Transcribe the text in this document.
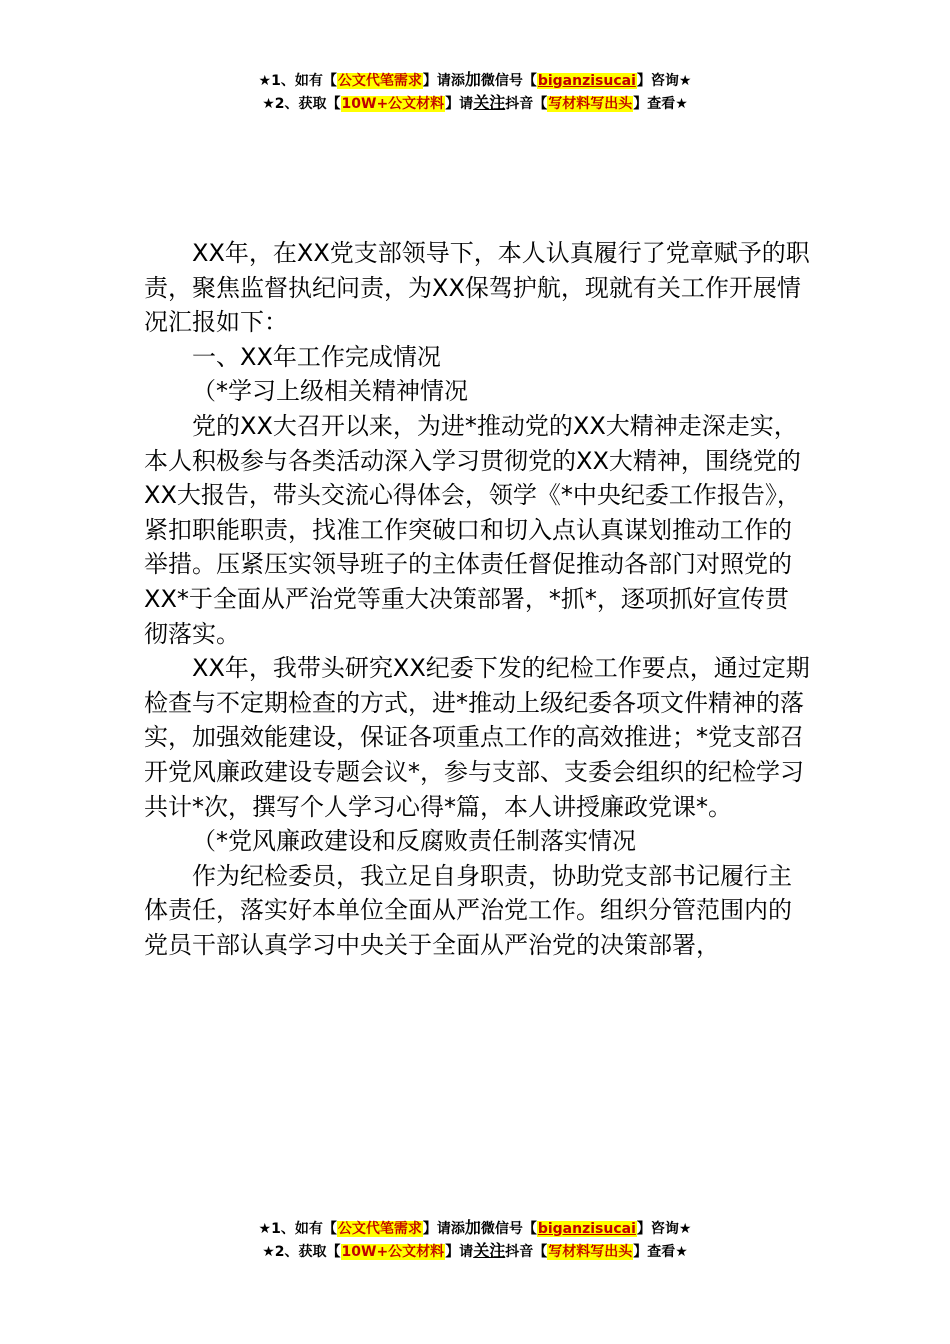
★1、如有【公文代笔需求】请添加微信号【biganzisucai】咨询★
★2、获取【10W+公文材料】请关注抖音【写材料写出头】查看★

XX年，在XX党支部领导下，本人认真履行了党章赋予的职责，聚焦监督执纪问责，为XX保驾护航，现就有关工作开展情况汇报如下：

一、XX年工作完成情况

（*学习上级相关精神情况

党的XX大召开以来，为进*推动党的XX大精神走深走实，本人积极参与各类活动深入学习贯彻党的XX大精神，围绕党的XX大报告，带头交流心得体会，领学《*中央纪委工作报告》，紧扣职能职责，找准工作突破口和切入点认真谋划推动工作的举措。压紧压实领导班子的主体责任督促推动各部门对照党的XX*于全面从严治党等重大决策部署，*抓*，逐项抓好宣传贯彻落实。

XX年，我带头研究XX纪委下发的纪检工作要点，通过定期检查与不定期检查的方式，进*推动上级纪委各项文件精神的落实，加强效能建设，保证各项重点工作的高效推进；*党支部召开党风廉政建设专题会议*，参与支部、支委会组织的纪检学习共计*次，撰写个人学习心得*篇，本人讲授廉政党课*。

（*党风廉政建设和反腐败责任制落实情况

作为纪检委员，我立足自身职责，协助党支部书记履行主体责任，落实好本单位全面从严治党工作。组织分管范围内的党员干部认真学习中央关于全面从严治党的决策部署，

★1、如有【公文代笔需求】请添加微信号【biganzisucai】咨询★
★2、获取【10W+公文材料】请关注抖音【写材料写出头】查看★
